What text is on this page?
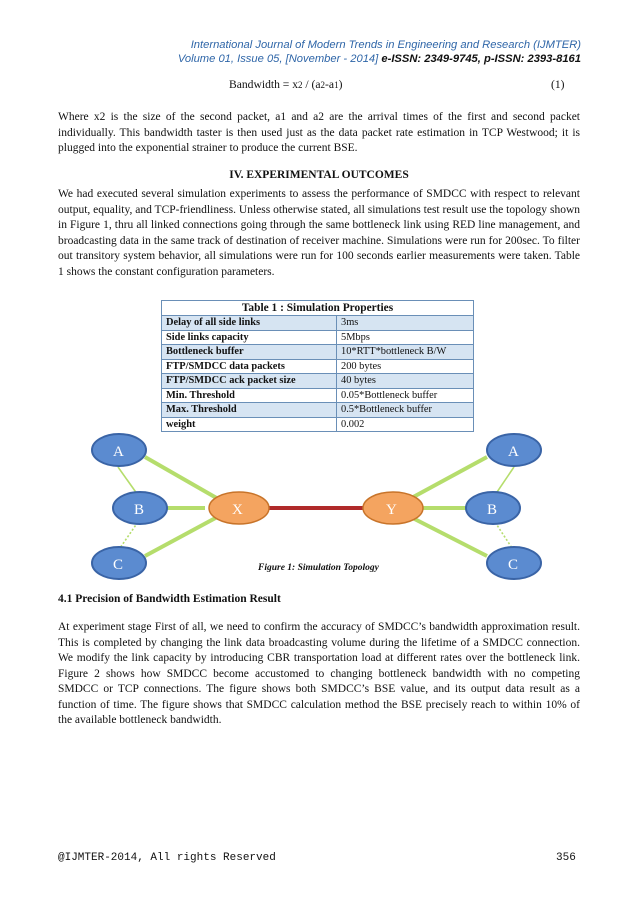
International Journal of Modern Trends in Engineering and Research (IJMTER)
Volume 01, Issue 05, [November - 2014] e-ISSN: 2349-9745, p-ISSN: 2393-8161
Bandwidth = x2 / (a2-a1)	(1)

Where x2 is the size of the second packet, a1 and a2 are the arrival times of the first and second packet individually. This bandwidth taster is then used just as the data packet rate estimation in TCP Westwood; it is plugged into the exponential strainer to produce the current BSE.

IV. EXPERIMENTAL OUTCOMES

We had executed several simulation experiments to assess the performance of SMDCC with respect to relevant output, equality, and TCP-friendliness. Unless otherwise stated, all simulations test result use the topology shown in Figure 1, thru all linked connections going through the same bottleneck link using RED line management, and broadcasting data in the same track of destination of receiver machine. Simulations were run for 200sec. To filter out transitory system behavior, all simulations were run for 100 seconds earlier measurements were taken. Table 1 shows the constant configuration parameters.

Table 1 : Simulation Properties	
Delay of all side links	3ms
Side links capacity	5Mbps
Bottleneck buffer	10*RTT*bottleneck B/W
FTP/SMDCC data packets	200 bytes
FTP/SMDCC ack packet size	40 bytes
Min. Threshold	0.05*Bottleneck buffer
Max. Threshold	0.5*Bottleneck buffer
weight	0.002
A
B
C
X	Y
A
B
C
Figure 1: Simulation Topology
4.1 Precision of Bandwidth Estimation Result

At experiment stage First of all, we need to confirm the accuracy of SMDCC’s bandwidth approximation result. This is completed by changing the link data broadcasting volume during the lifetime of a SMDCC connection. We modify the link capacity by introducing CBR transportation load at different rates over the bottleneck link. Figure 2 shows how SMDCC become accustomed to changing bottleneck bandwidth with no competing SMDCC or TCP connections. The figure shows both SMDCC’s BSE value, and its output data result as a function of time. The figure shows that SMDCC calculation method the BSE precisely reach to within 10% of the available bottleneck bandwidth.

@IJMTER-2014, All rights Reserved	356
